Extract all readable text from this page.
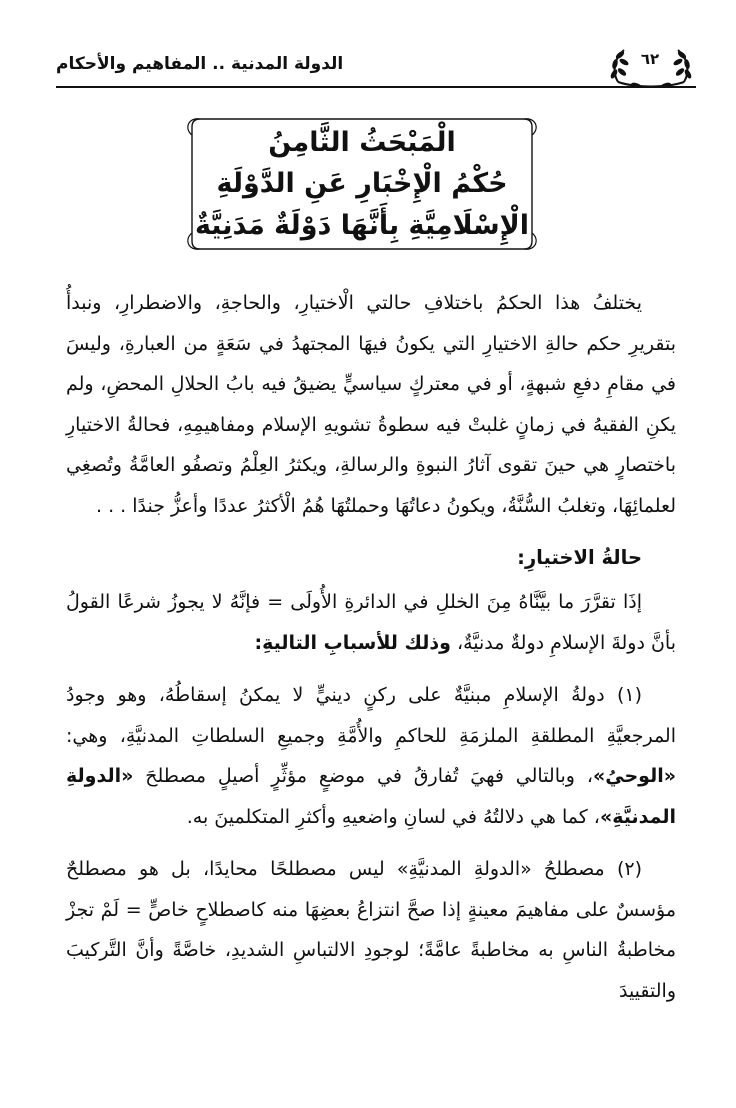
٦٢
الدولة المدنية .. المفاهيم والأحكام
الْمَبْحَثُ الثَّامِنُ
حُكْمُ الْإِخْبَارِ عَنِ الدَّوْلَةِ
الْإِسْلَامِيَّةِ بِأَنَّهَا دَوْلَةٌ مَدَنِيَّةٌ

يختلفُ هذا الحكمُ باختلافِ حالتي الْاختيارِ، والحاجةِ، والاضطرارِ، ونبدأُ بتقريرِ حكم حالةِ الاختيارِ التي يكونُ فيهَا المجتهدُ في سَعَةٍ من العبارةِ، وليسَ في مقامِ دفعِ شبهةٍ، أو في معتركٍ سياسيٍّ يضيقُ فيه بابُ الحلالِ المحضِ، ولم يكنِ الفقيهُ في زمانٍ غلبتْ فيه سطوةُ تشويهِ الإسلام ومفاهيمِهِ، فحالةُ الاختيارِ باختصارٍ هي حينَ تقوى آثارُ النبوةِ والرسالةِ، ويكثرُ العِلْمُ وتصفُو العامَّةُ وتُصغِي لعلمائِهَا، وتغلبُ السُّنَّةُ، ويكونُ دعاتُهَا وحملتُهَا هُمُ الْأكثرُ عددًا وأعزُّ جندًا . . .

حالةُ الاختيارِ:

إذَا تقرَّرَ ما بيَّنَّاهُ مِنَ الخللِ في الدائرةِ الأُولَى = فإنَّهُ لا يجوزُ شرعًا القولُ بأنَّ دولةَ الإسلامِ دولةٌ مدنيَّةٌ، وذلك للأسبابِ التاليةِ:

(١) دولةُ الإسلامِ مبنيَّةٌ على ركنٍ دينيٍّ لا يمكنُ إسقاطُهُ، وهو وجودُ المرجعيَّةِ المطلقةِ الملزمَةِ للحاكمِ والأُمَّةِ وجميعِ السلطاتِ المدنيَّةِ، وهي: «الوحيُ»، وبالتالي فهيَ تُفارقُ في موضعٍ مؤثِّرٍ أصيلٍ مصطلحَ «الدولةِ المدنيَّةِ»، كما هي دلالتُهُ في لسانِ واضعيهِ وأكثرِ المتكلمينَ به.

(٢) مصطلحُ «الدولةِ المدنيَّةِ» ليس مصطلحًا محايدًا، بل هو مصطلحٌ مؤسسٌ على مفاهيمَ معينةٍ إذا صحَّ انتزاعُ بعضِهَا منه كاصطلاحٍ خاصٍّ = لَمْ تجزْ مخاطبةُ الناسِ به مخاطبةً عامَّةً؛ لوجودِ الالتباسِ الشديدِ، خاصَّةً وأنَّ التَّركيبَ والتقييدَ
